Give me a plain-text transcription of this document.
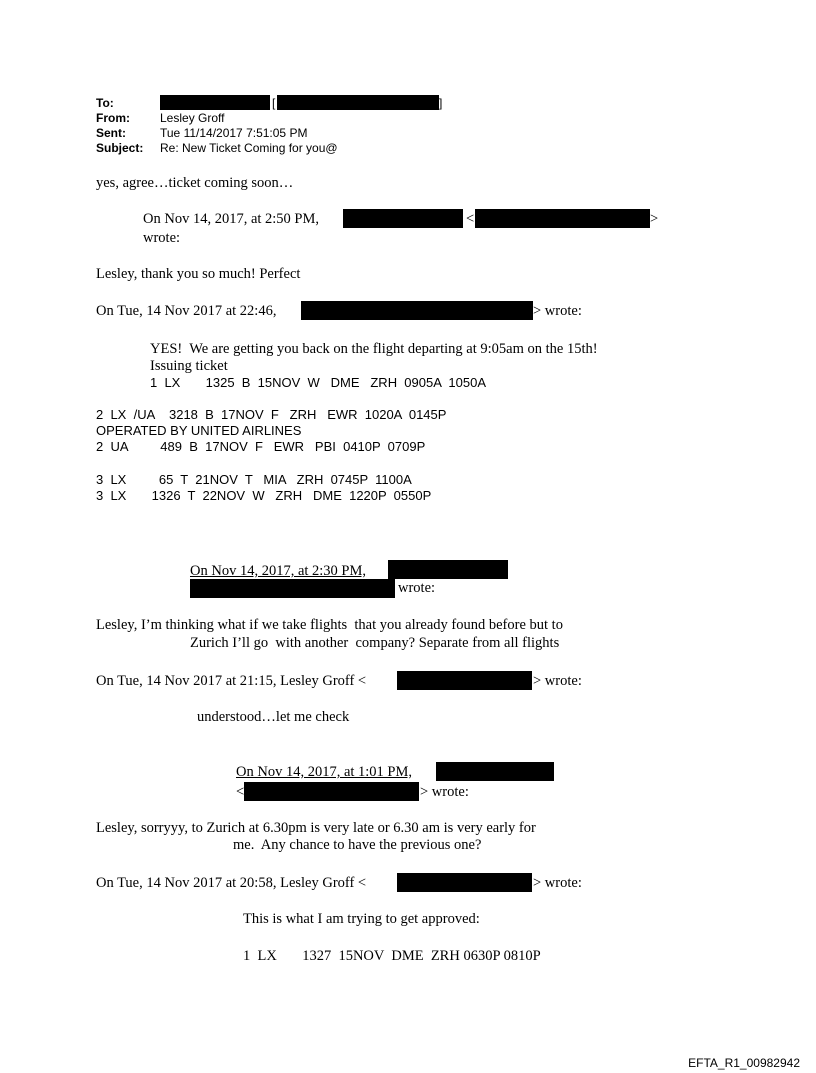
To:	[	]
From:	Lesley Groff
Sent:	Tue 11/14/2017 7:51:05 PM
Subject: Re: New Ticket Coming for you@
yes, agree…ticket coming soon…
On Nov 14, 2017, at 2:50 PM,	<	>
wrote:
Lesley, thank you so much! Perfect
On Tue, 14 Nov 2017 at 22:46,	> wrote:
YES!  We are getting you back on the flight departing at 9:05am on the 15th!
Issuing ticket
1  LX       1325  B  15NOV  W   DME   ZRH  0905A  1050A
2  LX  /UA    3218  B  17NOV  F   ZRH   EWR  1020A  0145P
OPERATED BY UNITED AIRLINES
2  UA         489  B  17NOV  F   EWR   PBI  0410P  0709P
3  LX         65  T  21NOV  T   MIA   ZRH  0745P  1100A
3  LX       1326  T  22NOV  W   ZRH   DME  1220P  0550P
On Nov 14, 2017, at 2:30 PM,
wrote:
Lesley, I’m thinking what if we take flights  that you already found before but to
Zurich I’ll go  with another  company? Separate from all flights
On Tue, 14 Nov 2017 at 21:15, Lesley Groff <	> wrote:
understood…let me check
On Nov 14, 2017, at 1:01 PM,
<	> wrote:
Lesley, sorryyy, to Zurich at 6.30pm is very late or 6.30 am is very early for
me.  Any chance to have the previous one?
On Tue, 14 Nov 2017 at 20:58, Lesley Groff <	> wrote:
This is what I am trying to get approved:
1  LX       1327  15NOV  DME  ZRH 0630P 0810P
EFTA_R1_00982942
